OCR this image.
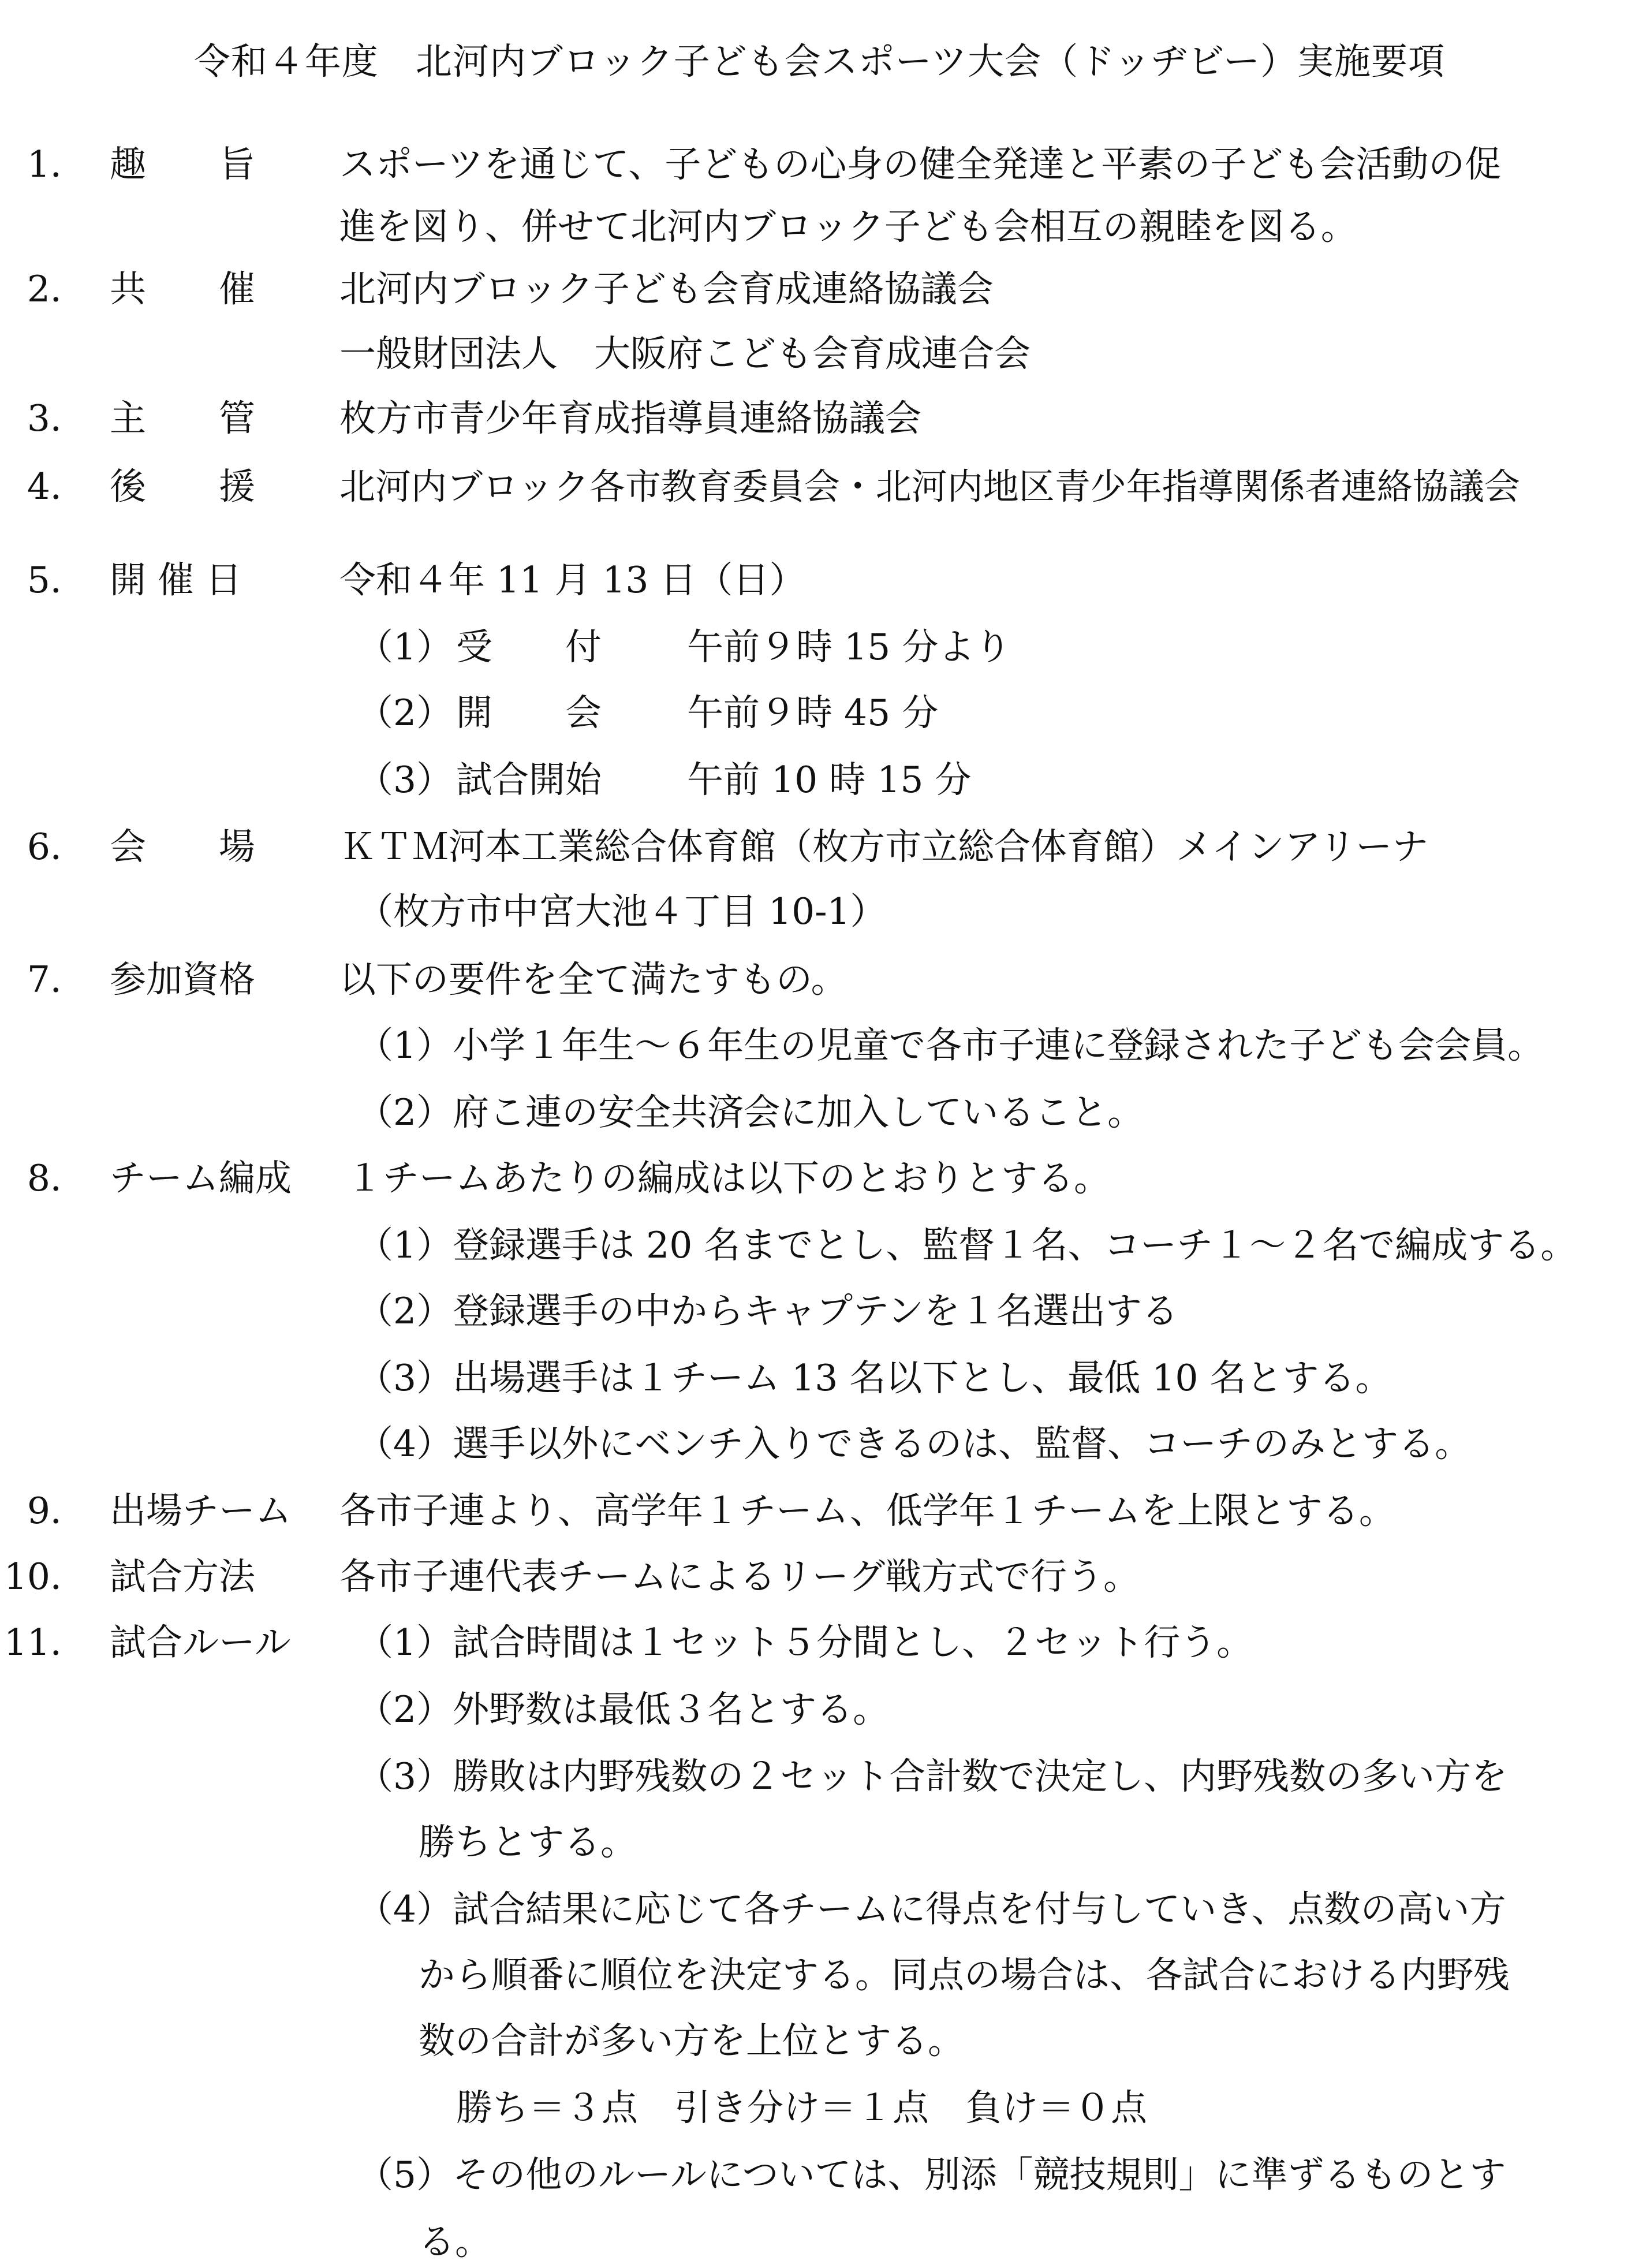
令和４年度　北河内ブロック子ども会スポーツ大会（ドッヂビー）実施要項
1． 趣　　旨	スポーツを通じて、子どもの心身の健全発達と平素の子ども会活動の促
進を図り、併せて北河内ブロック子ども会相互の親睦を図る。
2． 共　　催	北河内ブロック子ども会育成連絡協議会
一般財団法人　大阪府こども会育成連合会
3． 主　　管	枚方市青少年育成指導員連絡協議会
4． 後　　援	北河内ブロック各市教育委員会・北河内地区青少年指導関係者連絡協議会
5． 開 催 日	令和４年 11 月 13 日（日）
（1） 受　　付 午前９時 15 分より
（2） 開　　会 午前９時 45 分
（3） 試合開始 午前 10 時 15 分
6． 会　　場	ＫＴＭ河本工業総合体育館（枚方市立総合体育館）メインアリーナ
（枚方市中宮大池４丁目 10-1）
7． 参加資格	以下の要件を全て満たすもの。
（1）小学１年生～６年生の児童で各市子連に登録された子ども会会員。
（2）府こ連の安全共済会に加入していること。
8． チーム編成 １チームあたりの編成は以下のとおりとする。
（1）登録選手は 20 名までとし、監督１名、コーチ１～２名で編成する。
（2）登録選手の中からキャプテンを１名選出する
（3）出場選手は１チーム 13 名以下とし、最低 10 名とする。
（4）選手以外にベンチ入りできるのは、監督、コーチのみとする。
9． 出場チーム 各市子連より、高学年１チーム、低学年１チームを上限とする。
10． 試合方法	各市子連代表チームによるリーグ戦方式で行う。
11． 試合ルール （1）試合時間は１セット５分間とし、２セット行う。
（2）外野数は最低３名とする。
（3）勝敗は内野残数の２セット合計数で決定し、内野残数の多い方を
勝ちとする。
（4）試合結果に応じて各チームに得点を付与していき、点数の高い方
から順番に順位を決定する。同点の場合は、各試合における内野残
数の合計が多い方を上位とする。
勝ち＝３点　引き分け＝１点　負け＝０点
（5）その他のルールについては、別添「競技規則」に準ずるものとす
る。
